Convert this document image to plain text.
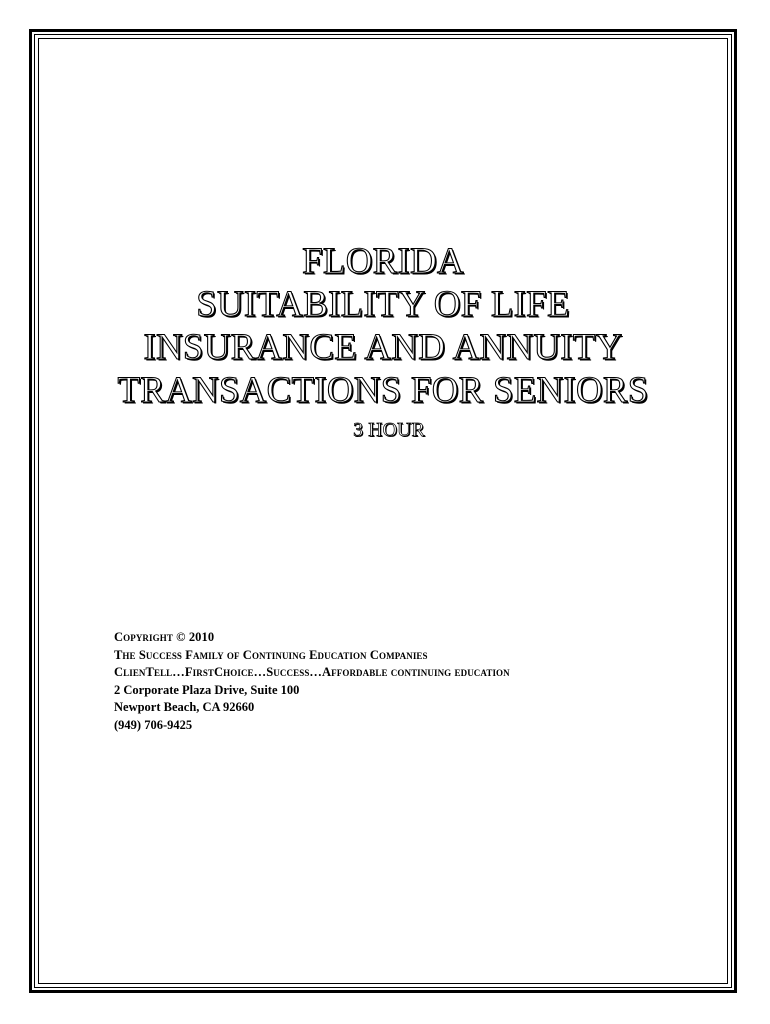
FLORIDA
SUITABILITY OF LIFE
INSURANCE AND ANNUITY
TRANSACTIONS FOR SENIORS
3 HOUR
Copyright © 2010
The Success Family of Continuing Education Companies
ClienTell…FirstChoice…Success…Affordable continuing education
2 Corporate Plaza Drive, Suite 100
Newport Beach, CA 92660
(949) 706-9425
